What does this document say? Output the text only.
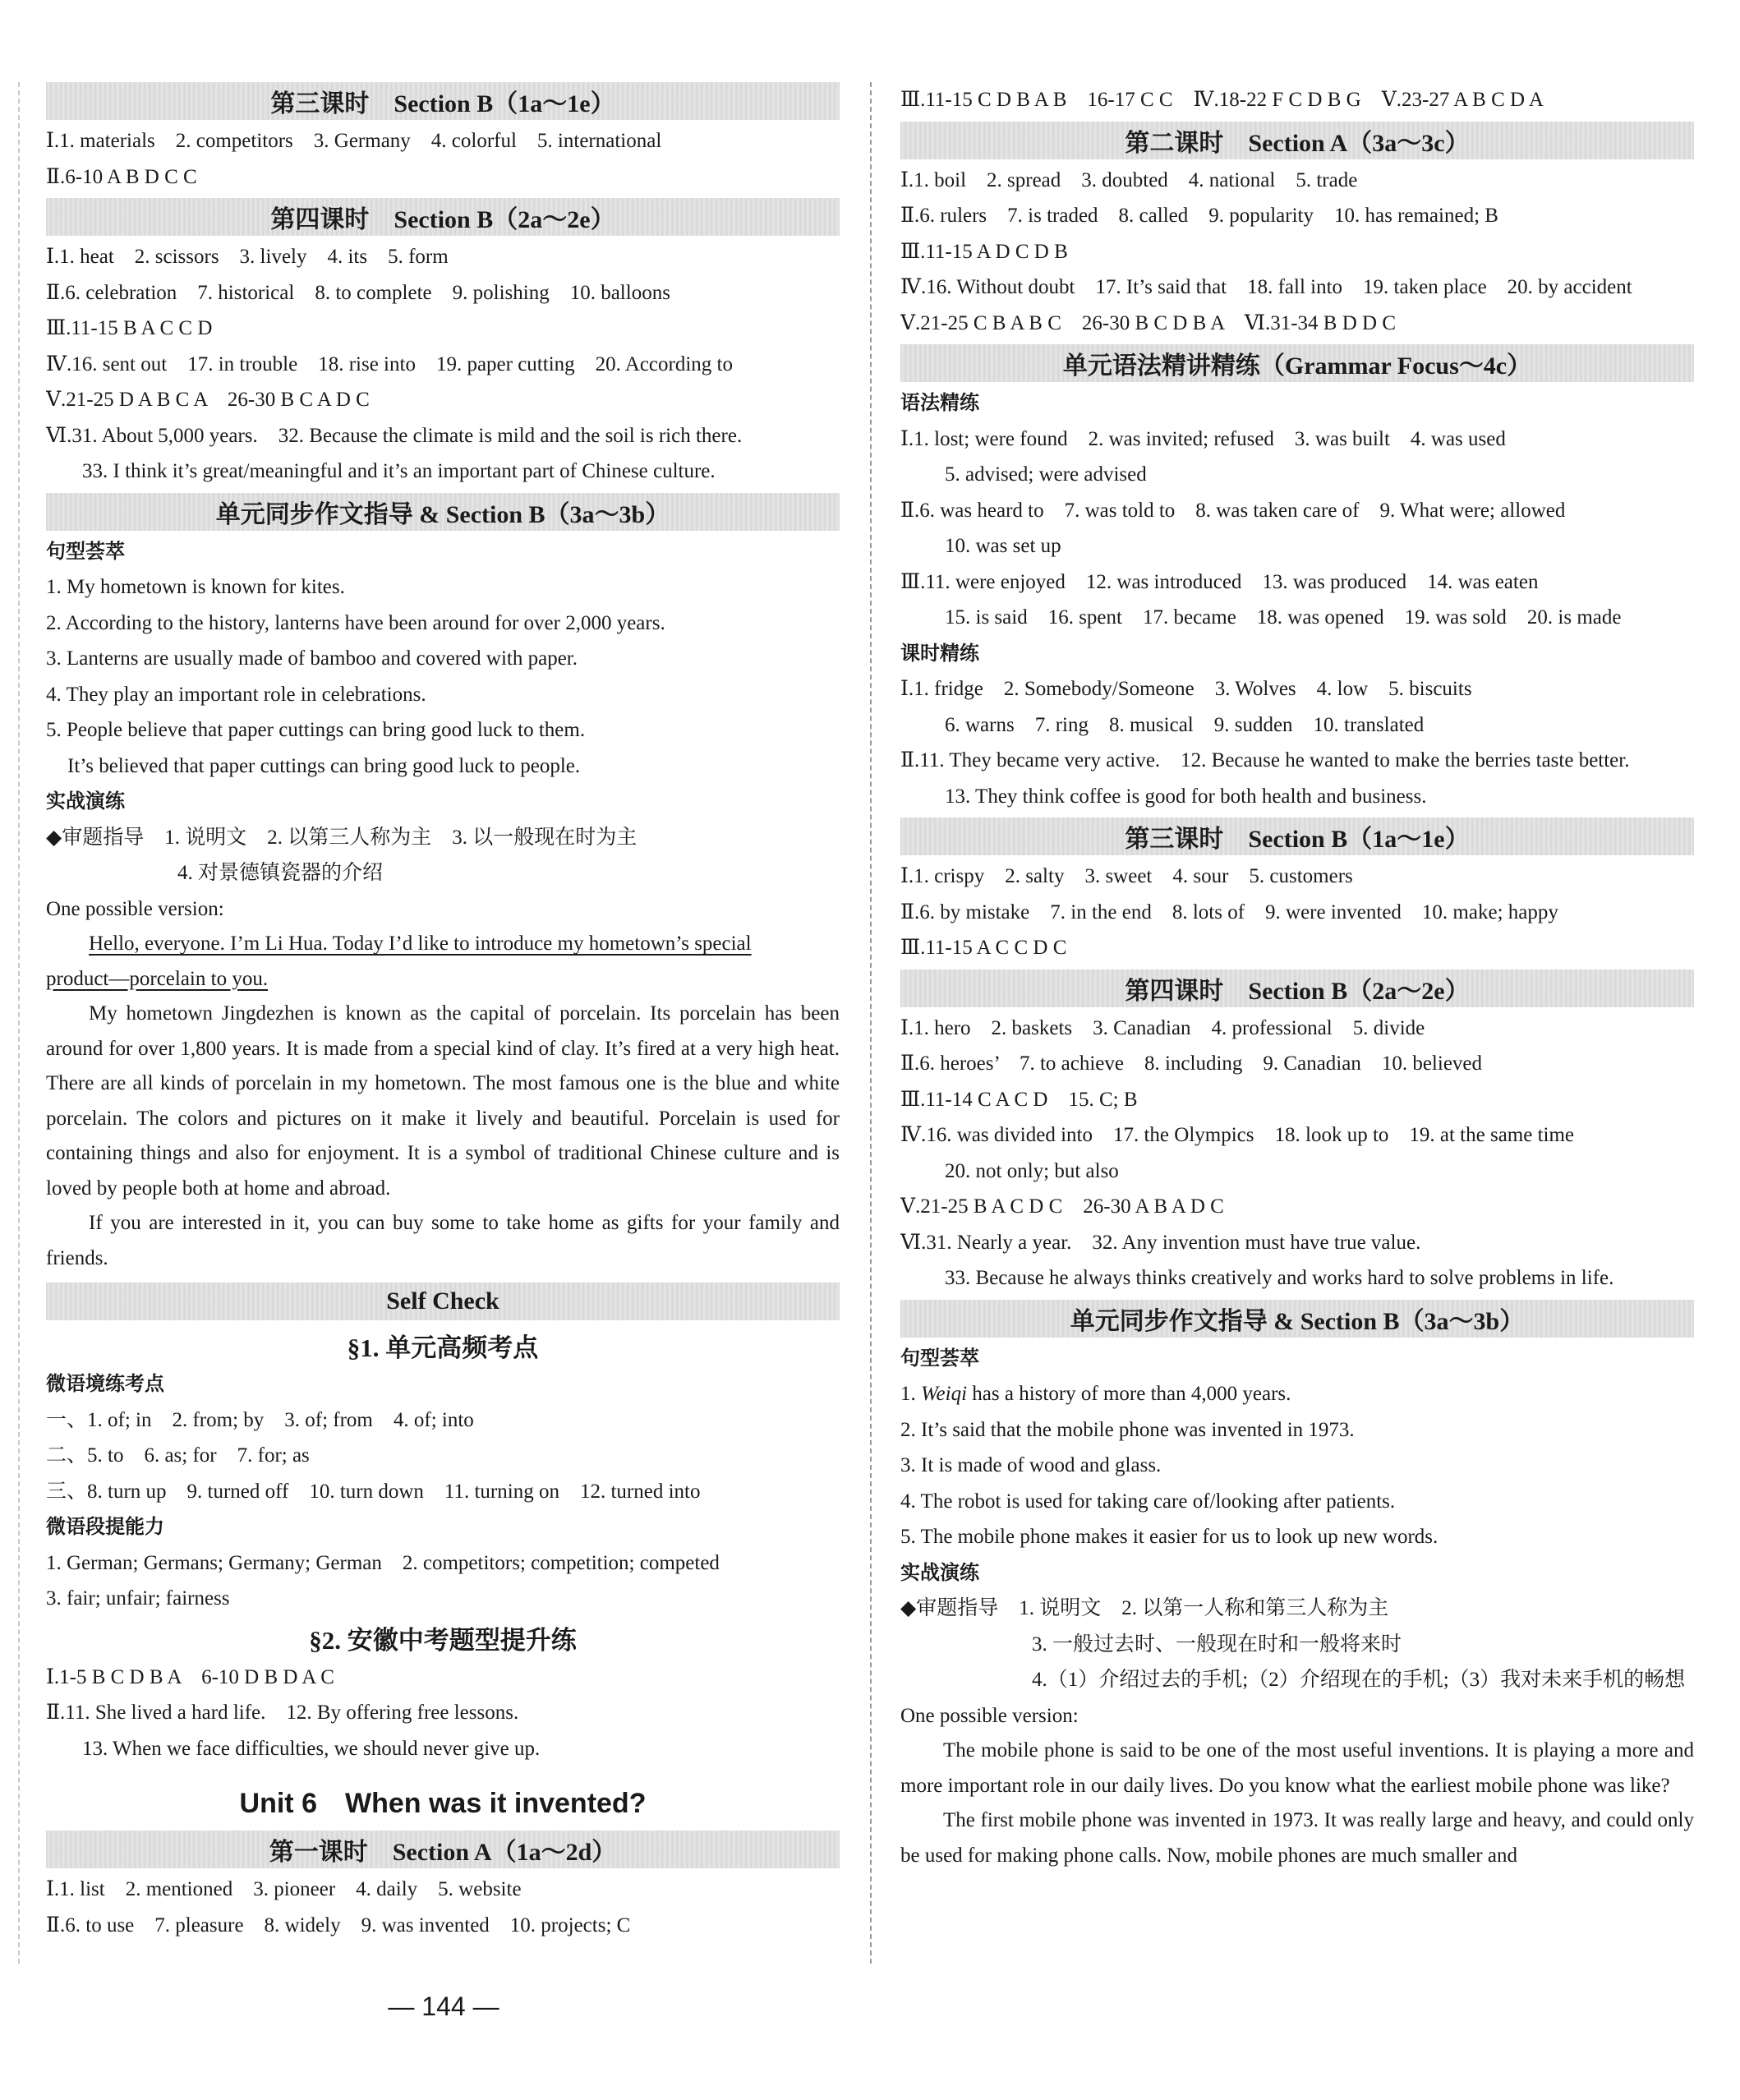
第三课时　Section B（1a～1e）
Ⅰ.1. materials　2. competitors　3. Germany　4. colorful　5. international
Ⅱ.6-10 A B D C C
第四课时　Section B（2a～2e）
Ⅰ.1. heat　2. scissors　3. lively　4. its　5. form
Ⅱ.6. celebration　7. historical　8. to complete　9. polishing　10. balloons
Ⅲ.11-15 B A C C D
Ⅳ.16. sent out　17. in trouble　18. rise into　19. paper cutting　20. According to
Ⅴ.21-25 D A B C A　26-30 B C A D C
Ⅵ.31. About 5,000 years.　32. Because the climate is mild and the soil is rich there.
33. I think it’s great/meaningful and it’s an important part of Chinese culture.
单元同步作文指导 & Section B（3a～3b）
句型荟萃
1. My hometown is known for kites.
2. According to the history, lanterns have been around for over 2,000 years.
3. Lanterns are usually made of bamboo and covered with paper.
4. They play an important role in celebrations.
5. People believe that paper cuttings can bring good luck to them.
It’s believed that paper cuttings can bring good luck to people.
实战演练
◆审题指导　1. 说明文　2. 以第三人称为主　3. 以一般现在时为主
4. 对景德镇瓷器的介绍
One possible version:
Hello, everyone. I’m Li Hua. Today I’d like to introduce my hometown’s special
product—porcelain to you.
My hometown Jingdezhen is known as the capital of porcelain. Its porcelain has been around for over 1,800 years. It is made from a special kind of clay. It’s fired at a very high heat. There are all kinds of porcelain in my hometown. The most famous one is the blue and white porcelain. The colors and pictures on it make it lively and beautiful. Porcelain is used for containing things and also for enjoyment. It is a symbol of traditional Chinese culture and is loved by people both at home and abroad.
If you are interested in it, you can buy some to take home as gifts for your family and friends.
Self Check
§1. 单元高频考点
微语境练考点
一、1. of; in　2. from; by　3. of; from　4. of; into
二、5. to　6. as; for　7. for; as
三、8. turn up　9. turned off　10. turn down　11. turning on　12. turned into
微语段提能力
1. German; Germans; Germany; German　2. competitors; competition; competed
3. fair; unfair; fairness
§2. 安徽中考题型提升练
Ⅰ.1-5 B C D B A　6-10 D B D A C
Ⅱ.11. She lived a hard life.　12. By offering free lessons.
13. When we face difficulties, we should never give up.
Unit 6　When was it invented?
第一课时　Section A（1a～2d）
Ⅰ.1. list　2. mentioned　3. pioneer　4. daily　5. website
Ⅱ.6. to use　7. pleasure　8. widely　9. was invented　10. projects; C
Ⅲ.11-15 C D B A B　16-17 C C　Ⅳ.18-22 F C D B G　Ⅴ.23-27 A B C D A
第二课时　Section A（3a～3c）
Ⅰ.1. boil　2. spread　3. doubted　4. national　5. trade
Ⅱ.6. rulers　7. is traded　8. called　9. popularity　10. has remained; B
Ⅲ.11-15 A D C D B
Ⅳ.16. Without doubt　17. It’s said that　18. fall into　19. taken place　20. by accident
Ⅴ.21-25 C B A B C　26-30 B C D B A　Ⅵ.31-34 B D D C
单元语法精讲精练（Grammar Focus～4c）
语法精练
Ⅰ.1. lost; were found　2. was invited; refused　3. was built　4. was used
5. advised; were advised
Ⅱ.6. was heard to　7. was told to　8. was taken care of　9. What were; allowed
10. was set up
Ⅲ.11. were enjoyed　12. was introduced　13. was produced　14. was eaten
15. is said　16. spent　17. became　18. was opened　19. was sold　20. is made
课时精练
Ⅰ.1. fridge　2. Somebody/Someone　3. Wolves　4. low　5. biscuits
6. warns　7. ring　8. musical　9. sudden　10. translated
Ⅱ.11. They became very active.　12. Because he wanted to make the berries taste better.
13. They think coffee is good for both health and business.
第三课时　Section B（1a～1e）
Ⅰ.1. crispy　2. salty　3. sweet　4. sour　5. customers
Ⅱ.6. by mistake　7. in the end　8. lots of　9. were invented　10. make; happy
Ⅲ.11-15 A C C D C
第四课时　Section B（2a～2e）
Ⅰ.1. hero　2. baskets　3. Canadian　4. professional　5. divide
Ⅱ.6. heroes’　7. to achieve　8. including　9. Canadian　10. believed
Ⅲ.11-14 C A C D　15. C; B
Ⅳ.16. was divided into　17. the Olympics　18. look up to　19. at the same time
20. not only; but also
Ⅴ.21-25 B A C D C　26-30 A B A D C
Ⅵ.31. Nearly a year.　32. Any invention must have true value.
33. Because he always thinks creatively and works hard to solve problems in life.
单元同步作文指导 & Section B（3a～3b）
句型荟萃
1. Weiqi has a history of more than 4,000 years.
2. It’s said that the mobile phone was invented in 1973.
3. It is made of wood and glass.
4. The robot is used for taking care of/looking after patients.
5. The mobile phone makes it easier for us to look up new words.
实战演练
◆审题指导　1. 说明文　2. 以第一人称和第三人称为主
3. 一般过去时、一般现在时和一般将来时
4.（1）介绍过去的手机;（2）介绍现在的手机;（3）我对未来手机的畅想
One possible version:
The mobile phone is said to be one of the most useful inventions. It is playing a more and more important role in our daily lives. Do you know what the earliest mobile phone was like?
The first mobile phone was invented in 1973. It was really large and heavy, and could only be used for making phone calls. Now, mobile phones are much smaller and
— 144 —
